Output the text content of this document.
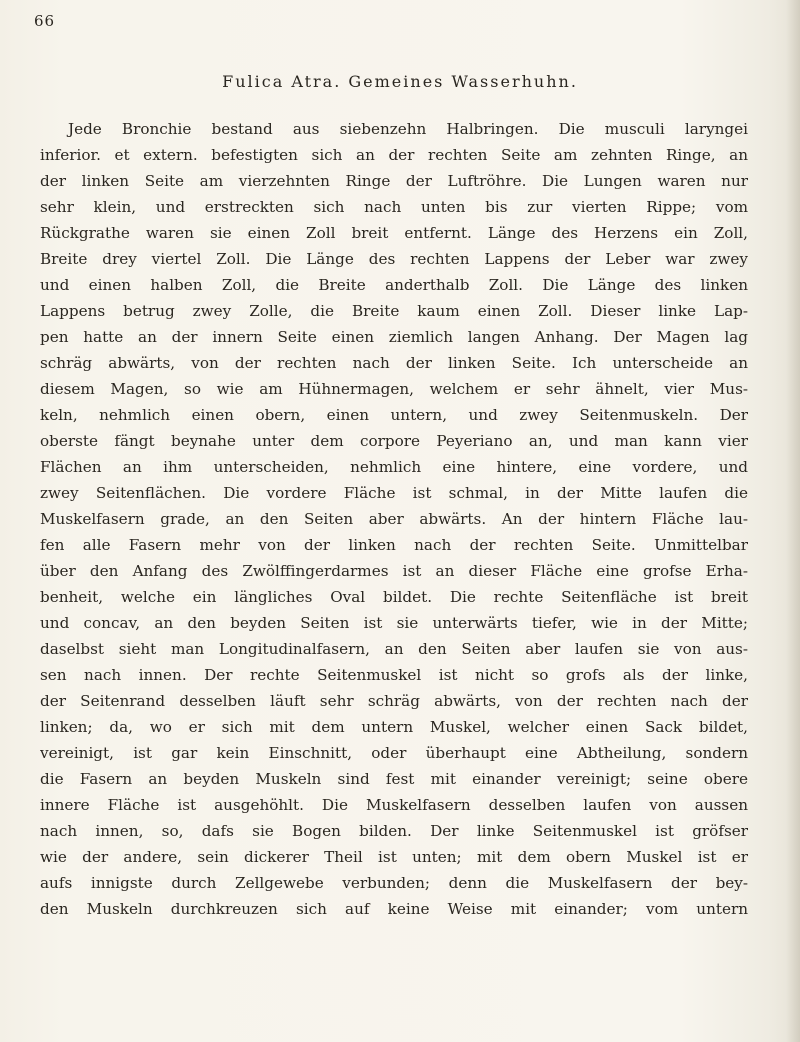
66
Fulica Atra. Gemeines Wasserhuhn.
Jede Bronchie bestand aus siebenzehn Halbringen. Die musculi laryngei
inferior. et extern. befestigten sich an der rechten Seite am zehnten Ringe, an
der linken Seite am vierzehnten Ringe der Luftröhre. Die Lungen waren nur
sehr klein, und erstreckten sich nach unten bis zur vierten Rippe; vom
Rückgrathe waren sie einen Zoll breit entfernt. Länge des Herzens ein Zoll,
Breite drey viertel Zoll. Die Länge des rechten Lappens der Leber war zwey
und einen halben Zoll, die Breite anderthalb Zoll. Die Länge des linken
Lappens betrug zwey Zolle, die Breite kaum einen Zoll. Dieser linke Lap-
pen hatte an der innern Seite einen ziemlich langen Anhang. Der Magen lag
schräg abwärts, von der rechten nach der linken Seite. Ich unterscheide an
diesem Magen, so wie am Hühnermagen, welchem er sehr ähnelt, vier Mus-
keln, nehmlich einen obern, einen untern, und zwey Seitenmuskeln. Der
oberste fängt beynahe unter dem corpore Peyeriano an, und man kann vier
Flächen an ihm unterscheiden, nehmlich eine hintere, eine vordere, und
zwey Seitenflächen. Die vordere Fläche ist schmal, in der Mitte laufen die
Muskelfasern grade, an den Seiten aber abwärts. An der hintern Fläche lau-
fen alle Fasern mehr von der linken nach der rechten Seite. Unmittelbar
über den Anfang des Zwölffingerdarmes ist an dieser Fläche eine grofse Erha-
benheit, welche ein längliches Oval bildet. Die rechte Seitenfläche ist breit
und concav, an den beyden Seiten ist sie unterwärts tiefer, wie in der Mitte;
daselbst sieht man Longitudinalfasern, an den Seiten aber laufen sie von aus-
sen nach innen. Der rechte Seitenmuskel ist nicht so grofs als der linke,
der Seitenrand desselben läuft sehr schräg abwärts, von der rechten nach der
linken; da, wo er sich mit dem untern Muskel, welcher einen Sack bildet,
vereinigt, ist gar kein Einschnitt, oder überhaupt eine Abtheilung, sondern
die Fasern an beyden Muskeln sind fest mit einander vereinigt; seine obere
innere Fläche ist ausgehöhlt. Die Muskelfasern desselben laufen von aussen
nach innen, so, dafs sie Bogen bilden. Der linke Seitenmuskel ist gröfser
wie der andere, sein dickerer Theil ist unten; mit dem obern Muskel ist er
aufs innigste durch Zellgewebe verbunden; denn die Muskelfasern der bey-
den Muskeln durchkreuzen sich auf keine Weise mit einander; vom untern
